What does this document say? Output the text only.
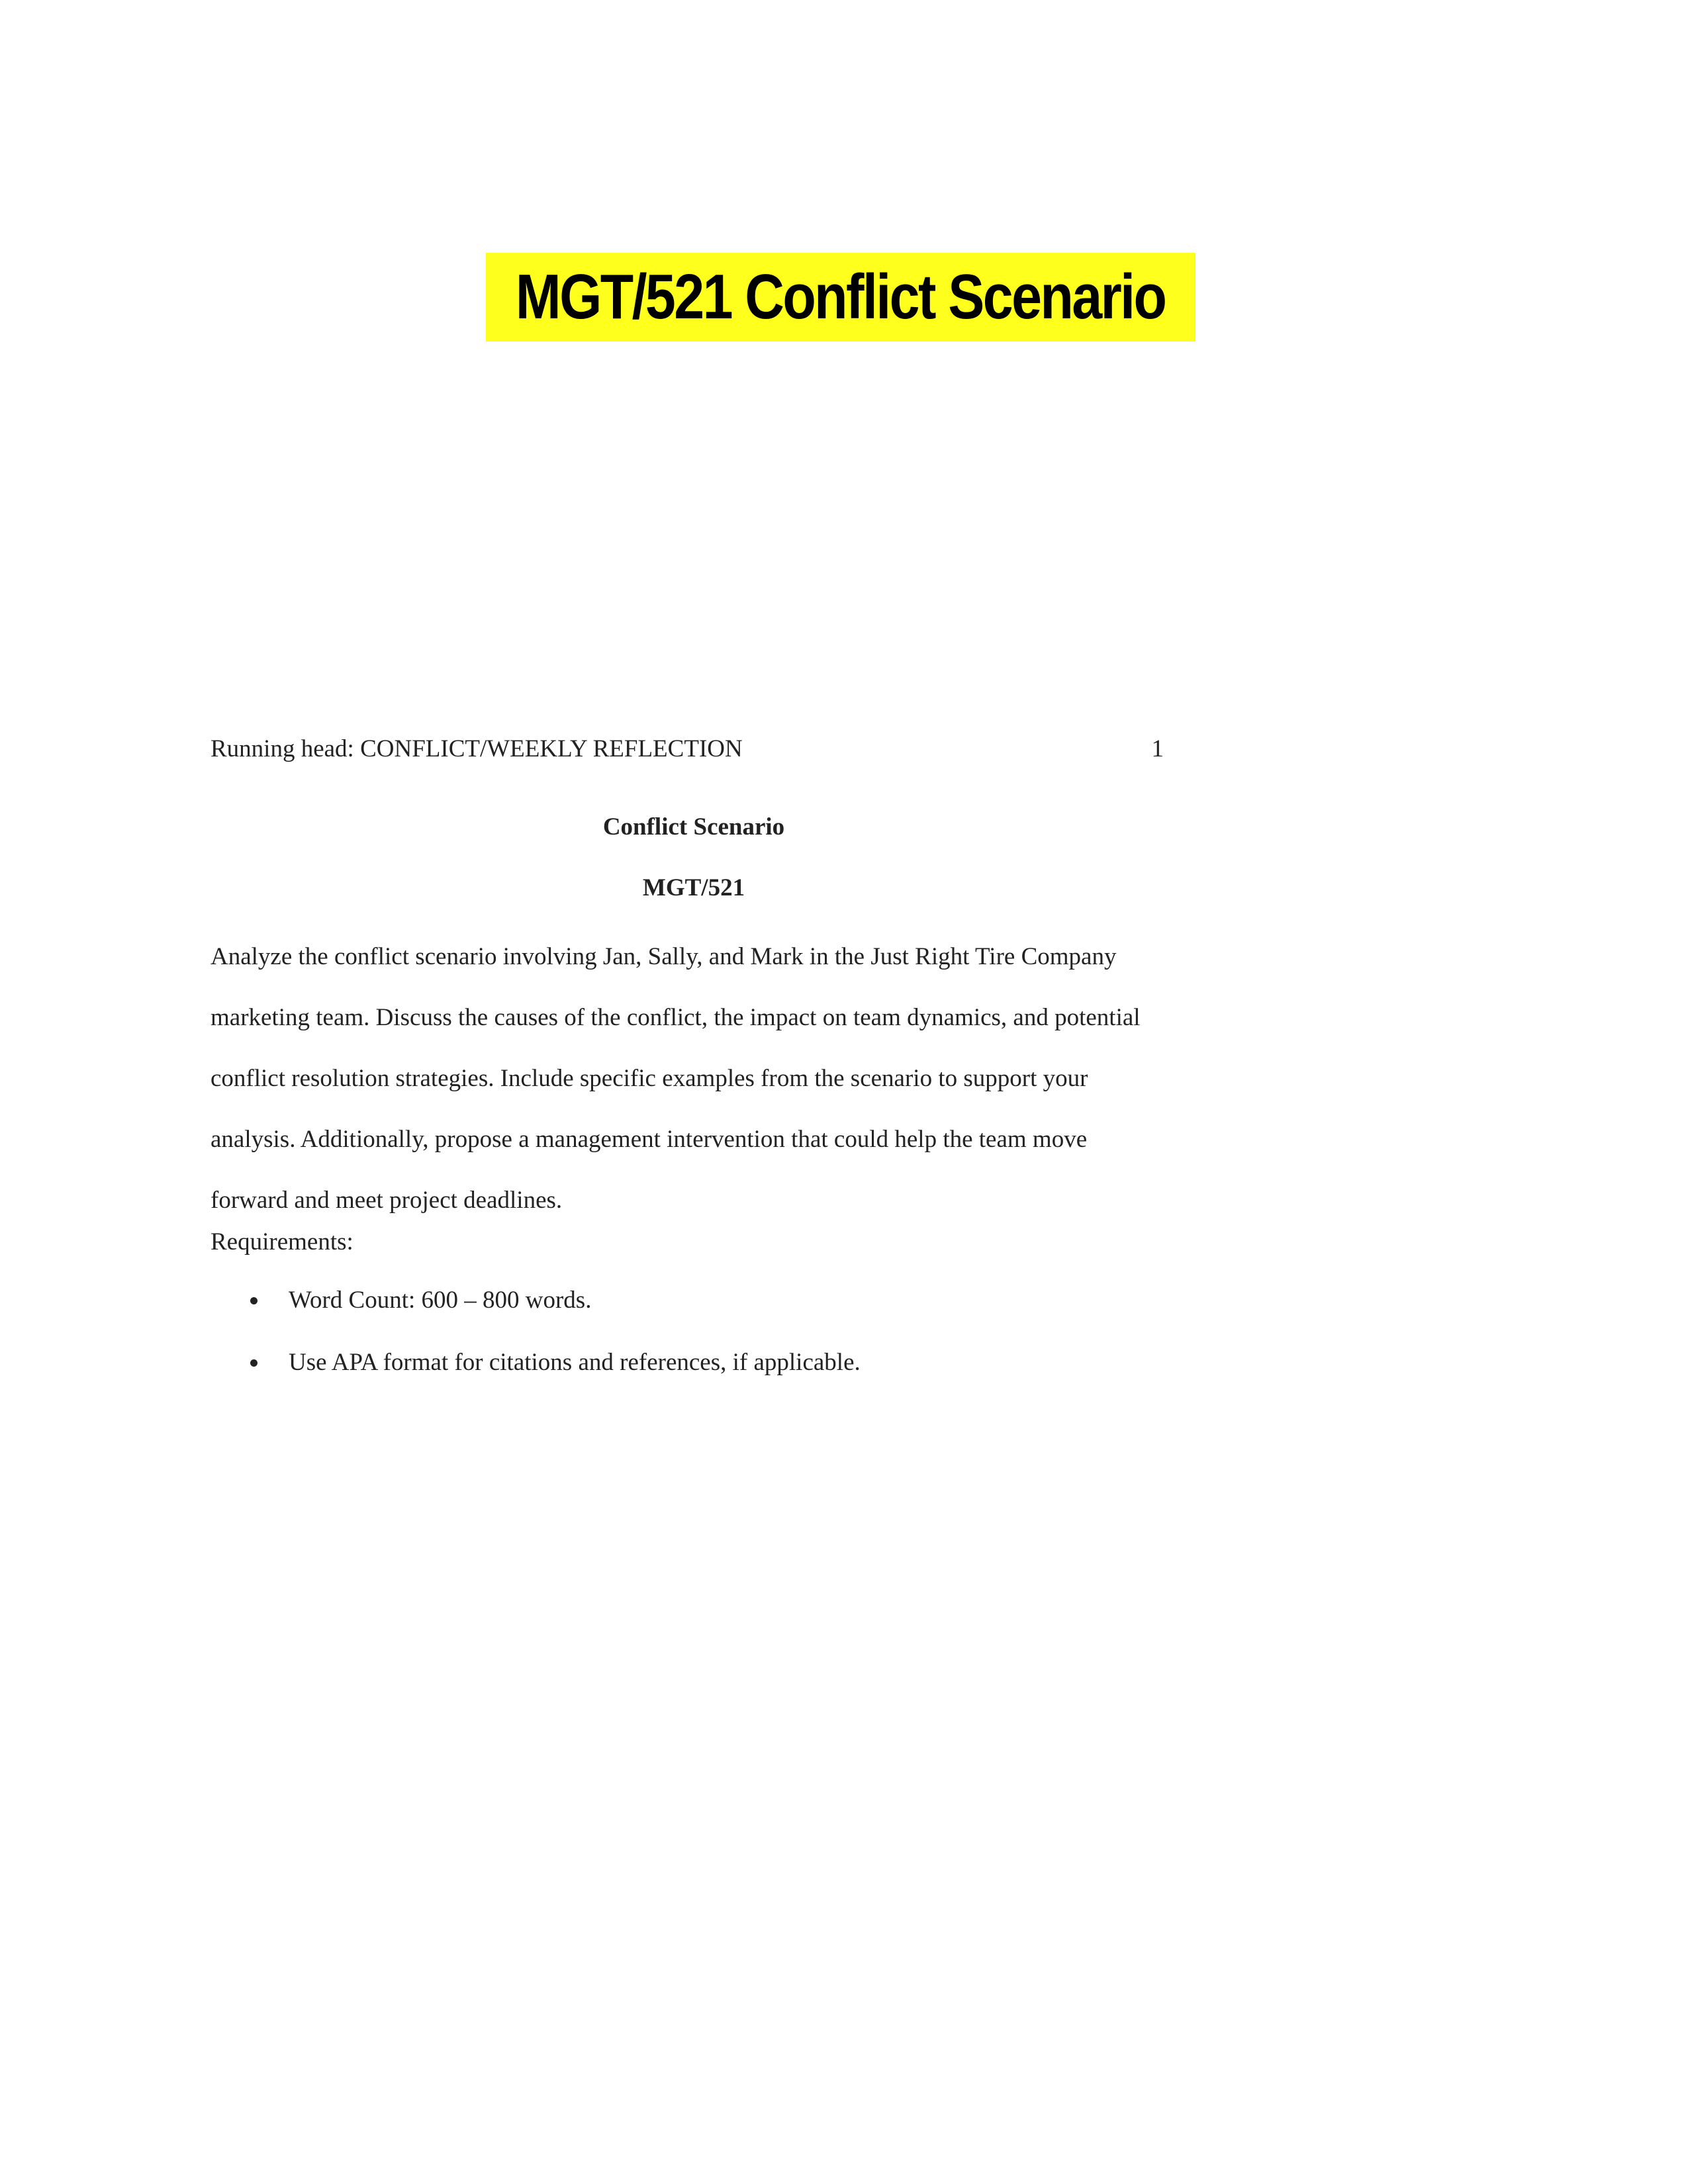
MGT/521 Conflict Scenario
Running head: CONFLICT/WEEKLY REFLECTION	1
Conflict Scenario
MGT/521
Analyze the conflict scenario involving Jan, Sally, and Mark in the Just Right Tire Company
marketing team. Discuss the causes of the conflict, the impact on team dynamics, and potential
conflict resolution strategies. Include specific examples from the scenario to support your
analysis. Additionally, propose a management intervention that could help the team move
forward and meet project deadlines.
Requirements:
Word Count: 600 – 800 words.
Use APA format for citations and references, if applicable.
